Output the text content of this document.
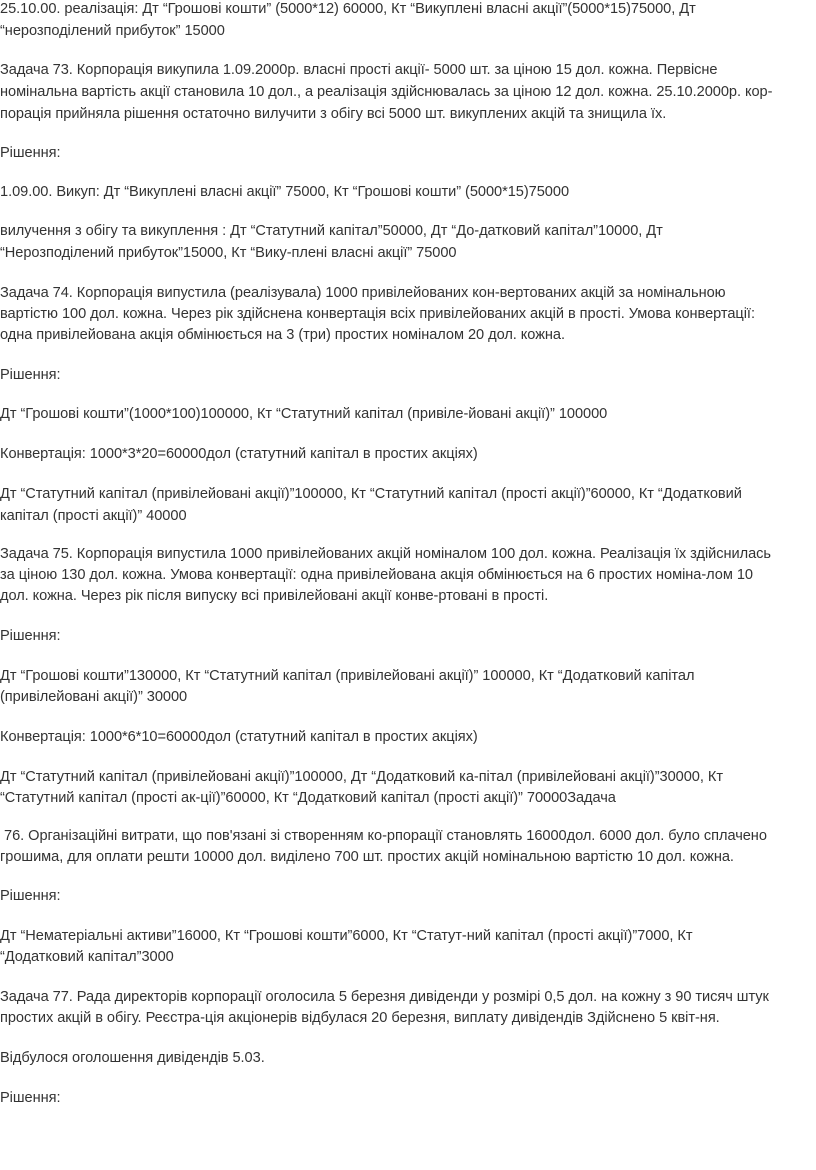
25.10.00. реалізація: Дт “Грошові кошти” (5000*12) 60000, Кт “Викуплені власні акції”(5000*15)75000, Дт
“нерозподілений прибуток” 15000
Задача 73. Корпорація викупила 1.09.2000р. власні прості акції- 5000 шт. за ціною 15 дол. кожна. Первісне
номінальна вартість акції становила 10 дол., а реалізація здійснювалась за ціною 12 дол. кожна. 25.10.2000р. кор-
порація прийняла рішення остаточно вилучити з обігу всі 5000 шт. викуплених акцій та знищила їх.
Рішення:
1.09.00. Викуп: Дт “Викуплені власні акції” 75000, Кт “Грошові кошти” (5000*15)75000
вилучення з обігу та викуплення : Дт “Статутний капітал”50000, Дт “До-датковий капітал”10000, Дт
“Нерозподілений прибуток”15000, Кт “Вику-плені власні акції” 75000
Задача 74. Корпорація випустила (реалізувала) 1000 привілейованих кон-вертованих акцій за номінальною
вартістю 100 дол. кожна. Через рік здійснена конвертація всіх привілейованих акцій в прості. Умова конвертації:
одна привілейована акція обмінюється на 3 (три) простих номіналом 20 дол. кожна.
Рішення:
Дт “Грошові кошти”(1000*100)100000, Кт “Статутний капітал (привіле-йовані акції)” 100000
Конвертація: 1000*3*20=60000дол (статутний капітал в простих акціях)
Дт “Статутний капітал (привілейовані акції)”100000, Кт “Статутний капітал (прості акції)”60000, Кт “Додатковий
капітал (прості акції)” 40000
Задача 75. Корпорація випустила 1000 привілейованих акцій номіналом 100 дол. кожна. Реалізація їх здійснилась
за ціною 130 дол. кожна. Умова конвертації: одна привілейована акція обмінюється на 6 простих номіна-лом 10
дол. кожна. Через рік після випуску всі привілейовані акції конве-ртовані в прості.
Рішення:
Дт “Грошові кошти”130000, Кт “Статутний капітал (привілейовані акції)” 100000, Кт “Додатковий капітал
(привілейовані акції)” 30000
Конвертація: 1000*6*10=60000дол (статутний капітал в простих акціях)
Дт “Статутний капітал (привілейовані акції)”100000, Дт “Додатковий ка-пітал (привілейовані акції)”30000, Кт
“Статутний капітал (прості ак-ції)”60000, Кт “Додатковий капітал (прості акції)” 70000Задача
76. Організаційні витрати, що пов'язані зі створенням ко-рпорації становлять 16000дол. 6000 дол. було сплачено
грошима, для оплати решти 10000 дол. виділено 700 шт. простих акцій номінальною вартістю 10 дол. кожна.
Рішення:
Дт “Нематеріальні активи”16000, Кт “Грошові кошти”6000, Кт “Статут-ний капітал (прості акції)”7000, Кт
“Додатковий капітал”3000
Задача 77. Рада директорів корпорації оголосила 5 березня дивіденди у розмірі 0,5 дол. на кожну з 90 тисяч штук
простих акцій в обігу. Реєстра-ція акціонерів відбулася 20 березня, виплату дивідендів Здійснено 5 квіт-ня.
Відбулося оголошення дивідендів 5.03.
Рішення:
